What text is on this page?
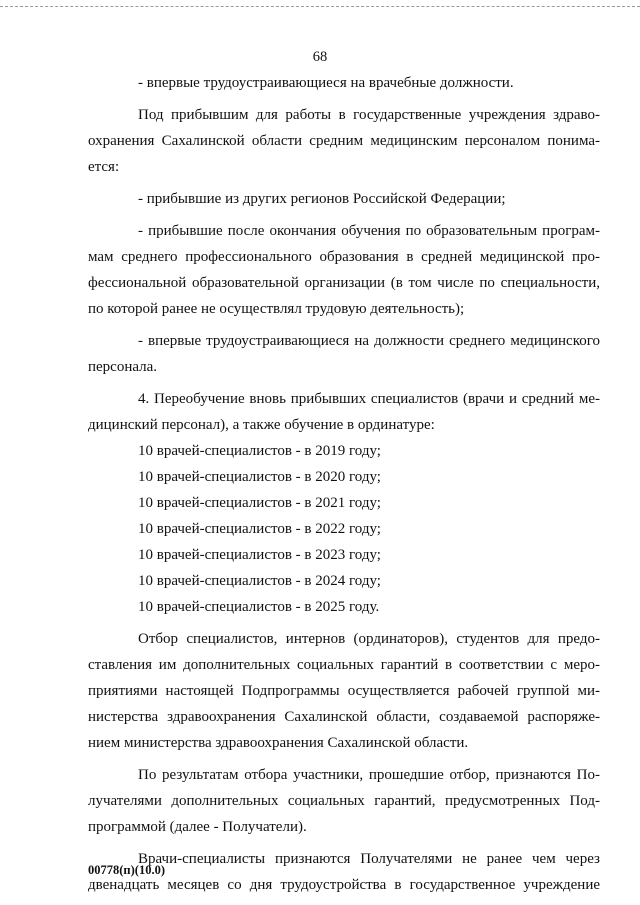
68

- впервые трудоустраивающиеся на врачебные должности.

Под прибывшим для работы в государственные учреждения здраво-

охранения Сахалинской области средним медицинским персоналом понима-

ется:

- прибывшие из других регионов Российской Федерации;

- прибывшие после окончания обучения по образовательным програм-

мам среднего профессионального образования в средней медицинской про-

фессиональной образовательной организации (в том числе по специальности,

по которой ранее не осуществлял трудовую деятельность);

- впервые трудоустраивающиеся на должности среднего медицинского

персонала.

4. Переобучение вновь прибывших специалистов (врачи и средний ме-

дицинский персонал), а также обучение в ординатуре:

10 врачей-специалистов - в 2019 году;

10 врачей-специалистов - в 2020 году;

10 врачей-специалистов - в 2021 году;

10 врачей-специалистов - в 2022 году;

10 врачей-специалистов - в 2023 году;

10 врачей-специалистов - в 2024 году;

10 врачей-специалистов - в 2025 году.

Отбор специалистов, интернов (ординаторов), студентов для предо-

ставления им дополнительных социальных гарантий в соответствии с меро-

приятиями настоящей Подпрограммы осуществляется рабочей группой ми-

нистерства здравоохранения Сахалинской области, создаваемой распоряже-

нием министерства здравоохранения Сахалинской области.

По результатам отбора участники, прошедшие отбор, признаются По-

лучателями дополнительных социальных гарантий, предусмотренных Под-

программой (далее - Получатели).

Врачи-специалисты признаются Получателями не ранее чем через

двенадцать месяцев со дня трудоустройства в государственное учреждение

00778(п)(10.0)
